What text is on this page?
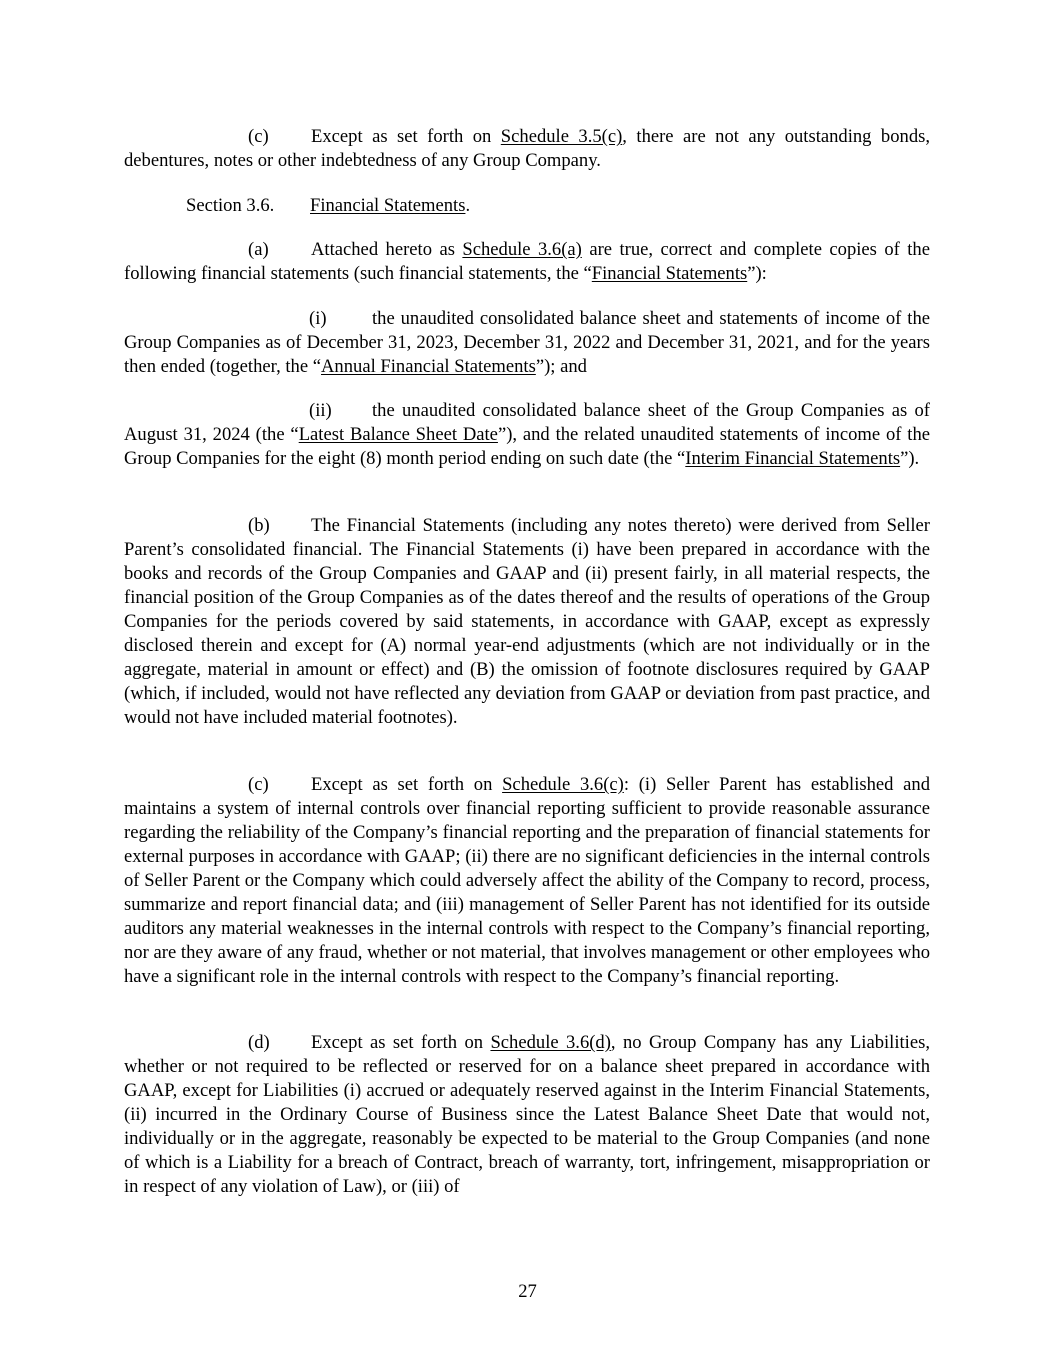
(c) Except as set forth on Schedule 3.5(c), there are not any outstanding bonds, debentures, notes or other indebtedness of any Group Company.

Section 3.6. Financial Statements.

(a) Attached hereto as Schedule 3.6(a) are true, correct and complete copies of the following financial statements (such financial statements, the “Financial Statements”):

(i) the unaudited consolidated balance sheet and statements of income of the Group Companies as of December 31, 2023, December 31, 2022 and December 31, 2021, and for the years then ended (together, the “Annual Financial Statements”); and

(ii) the unaudited consolidated balance sheet of the Group Companies as of August 31, 2024 (the “Latest Balance Sheet Date”), and the related unaudited statements of income of the Group Companies for the eight (8) month period ending on such date (the “Interim Financial Statements”).

(b) The Financial Statements (including any notes thereto) were derived from Seller Parent’s consolidated financial. The Financial Statements (i) have been prepared in accordance with the books and records of the Group Companies and GAAP and (ii) present fairly, in all material respects, the financial position of the Group Companies as of the dates thereof and the results of operations of the Group Companies for the periods covered by said statements, in accordance with GAAP, except as expressly disclosed therein and except for (A) normal year-end adjustments (which are not individually or in the aggregate, material in amount or effect) and (B) the omission of footnote disclosures required by GAAP (which, if included, would not have reflected any deviation from GAAP or deviation from past practice, and would not have included material footnotes).

(c) Except as set forth on Schedule 3.6(c): (i) Seller Parent has established and maintains a system of internal controls over financial reporting sufficient to provide reasonable assurance regarding the reliability of the Company’s financial reporting and the preparation of financial statements for external purposes in accordance with GAAP; (ii) there are no significant deficiencies in the internal controls of Seller Parent or the Company which could adversely affect the ability of the Company to record, process, summarize and report financial data; and (iii) management of Seller Parent has not identified for its outside auditors any material weaknesses in the internal controls with respect to the Company’s financial reporting, nor are they aware of any fraud, whether or not material, that involves management or other employees who have a significant role in the internal controls with respect to the Company’s financial reporting.

(d) Except as set forth on Schedule 3.6(d), no Group Company has any Liabilities, whether or not required to be reflected or reserved for on a balance sheet prepared in accordance with GAAP, except for Liabilities (i) accrued or adequately reserved against in the Interim Financial Statements, (ii) incurred in the Ordinary Course of Business since the Latest Balance Sheet Date that would not, individually or in the aggregate, reasonably be expected to be material to the Group Companies (and none of which is a Liability for a breach of Contract, breach of warranty, tort, infringement, misappropriation or in respect of any violation of Law), or (iii) of

27
